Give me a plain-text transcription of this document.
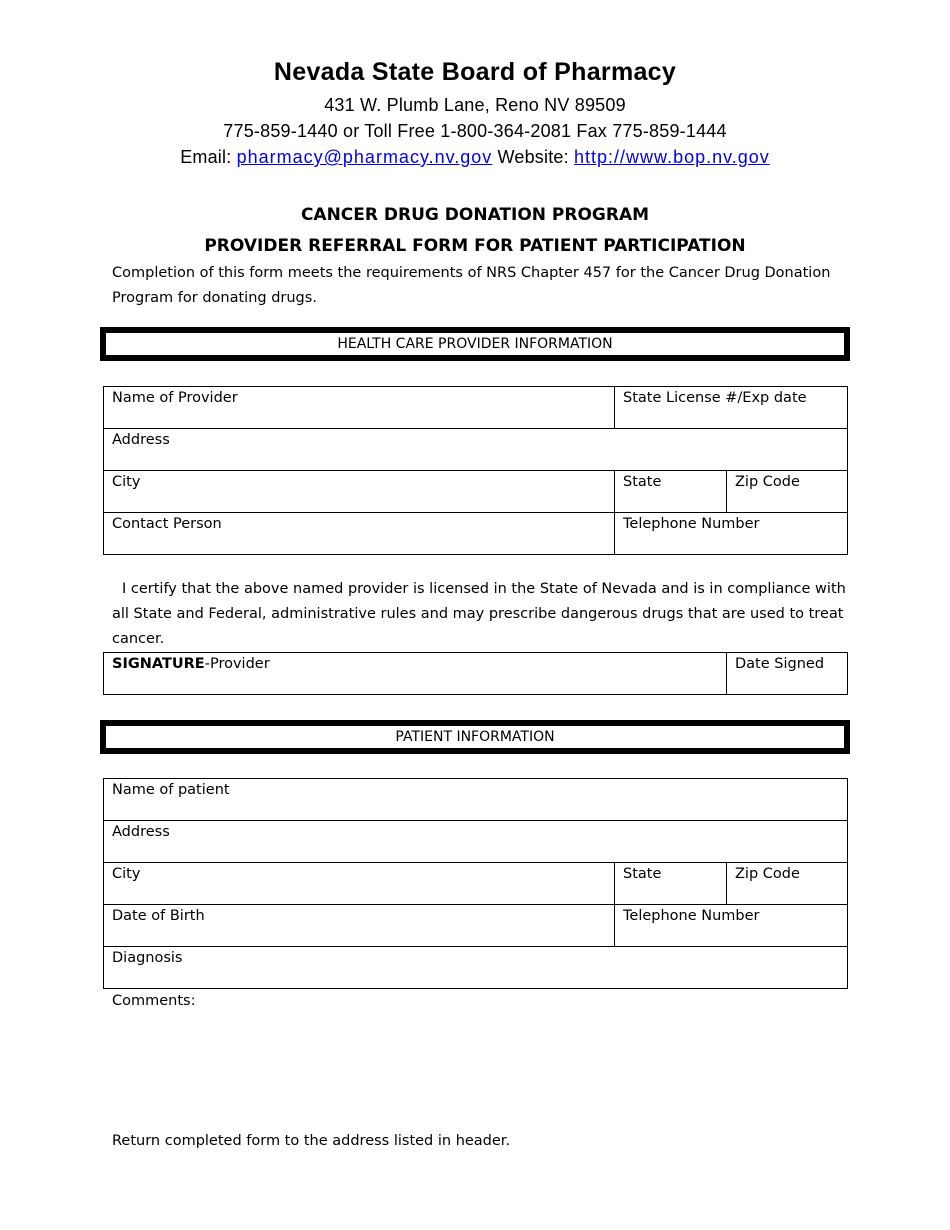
Nevada State Board of Pharmacy
431 W. Plumb Lane, Reno NV 89509
775-859-1440 or Toll Free 1-800-364-2081 Fax 775-859-1444
Email: pharmacy@pharmacy.nv.gov Website: http://www.bop.nv.gov
CANCER DRUG DONATION PROGRAM
PROVIDER REFERRAL FORM FOR PATIENT PARTICIPATION
Completion of this form meets the requirements of NRS Chapter 457 for the Cancer Drug Donation Program for donating drugs.
HEALTH CARE PROVIDER INFORMATION
Name of Provider	State License #/Exp date	

Address		

City	State	Zip Code

Contact Person	Telephone Number	
I certify that the above named provider is licensed in the State of Nevada and is in compliance with all State and Federal, administrative rules and may prescribe dangerous drugs that are used to treat cancer.
SIGNATURE-Provider	Date Signed
PATIENT INFORMATION
Name of patient		

Address		

City	State	Zip Code

Date of Birth	Telephone Number	

Diagnosis		
Comments:
Return completed form to the address listed in header.
